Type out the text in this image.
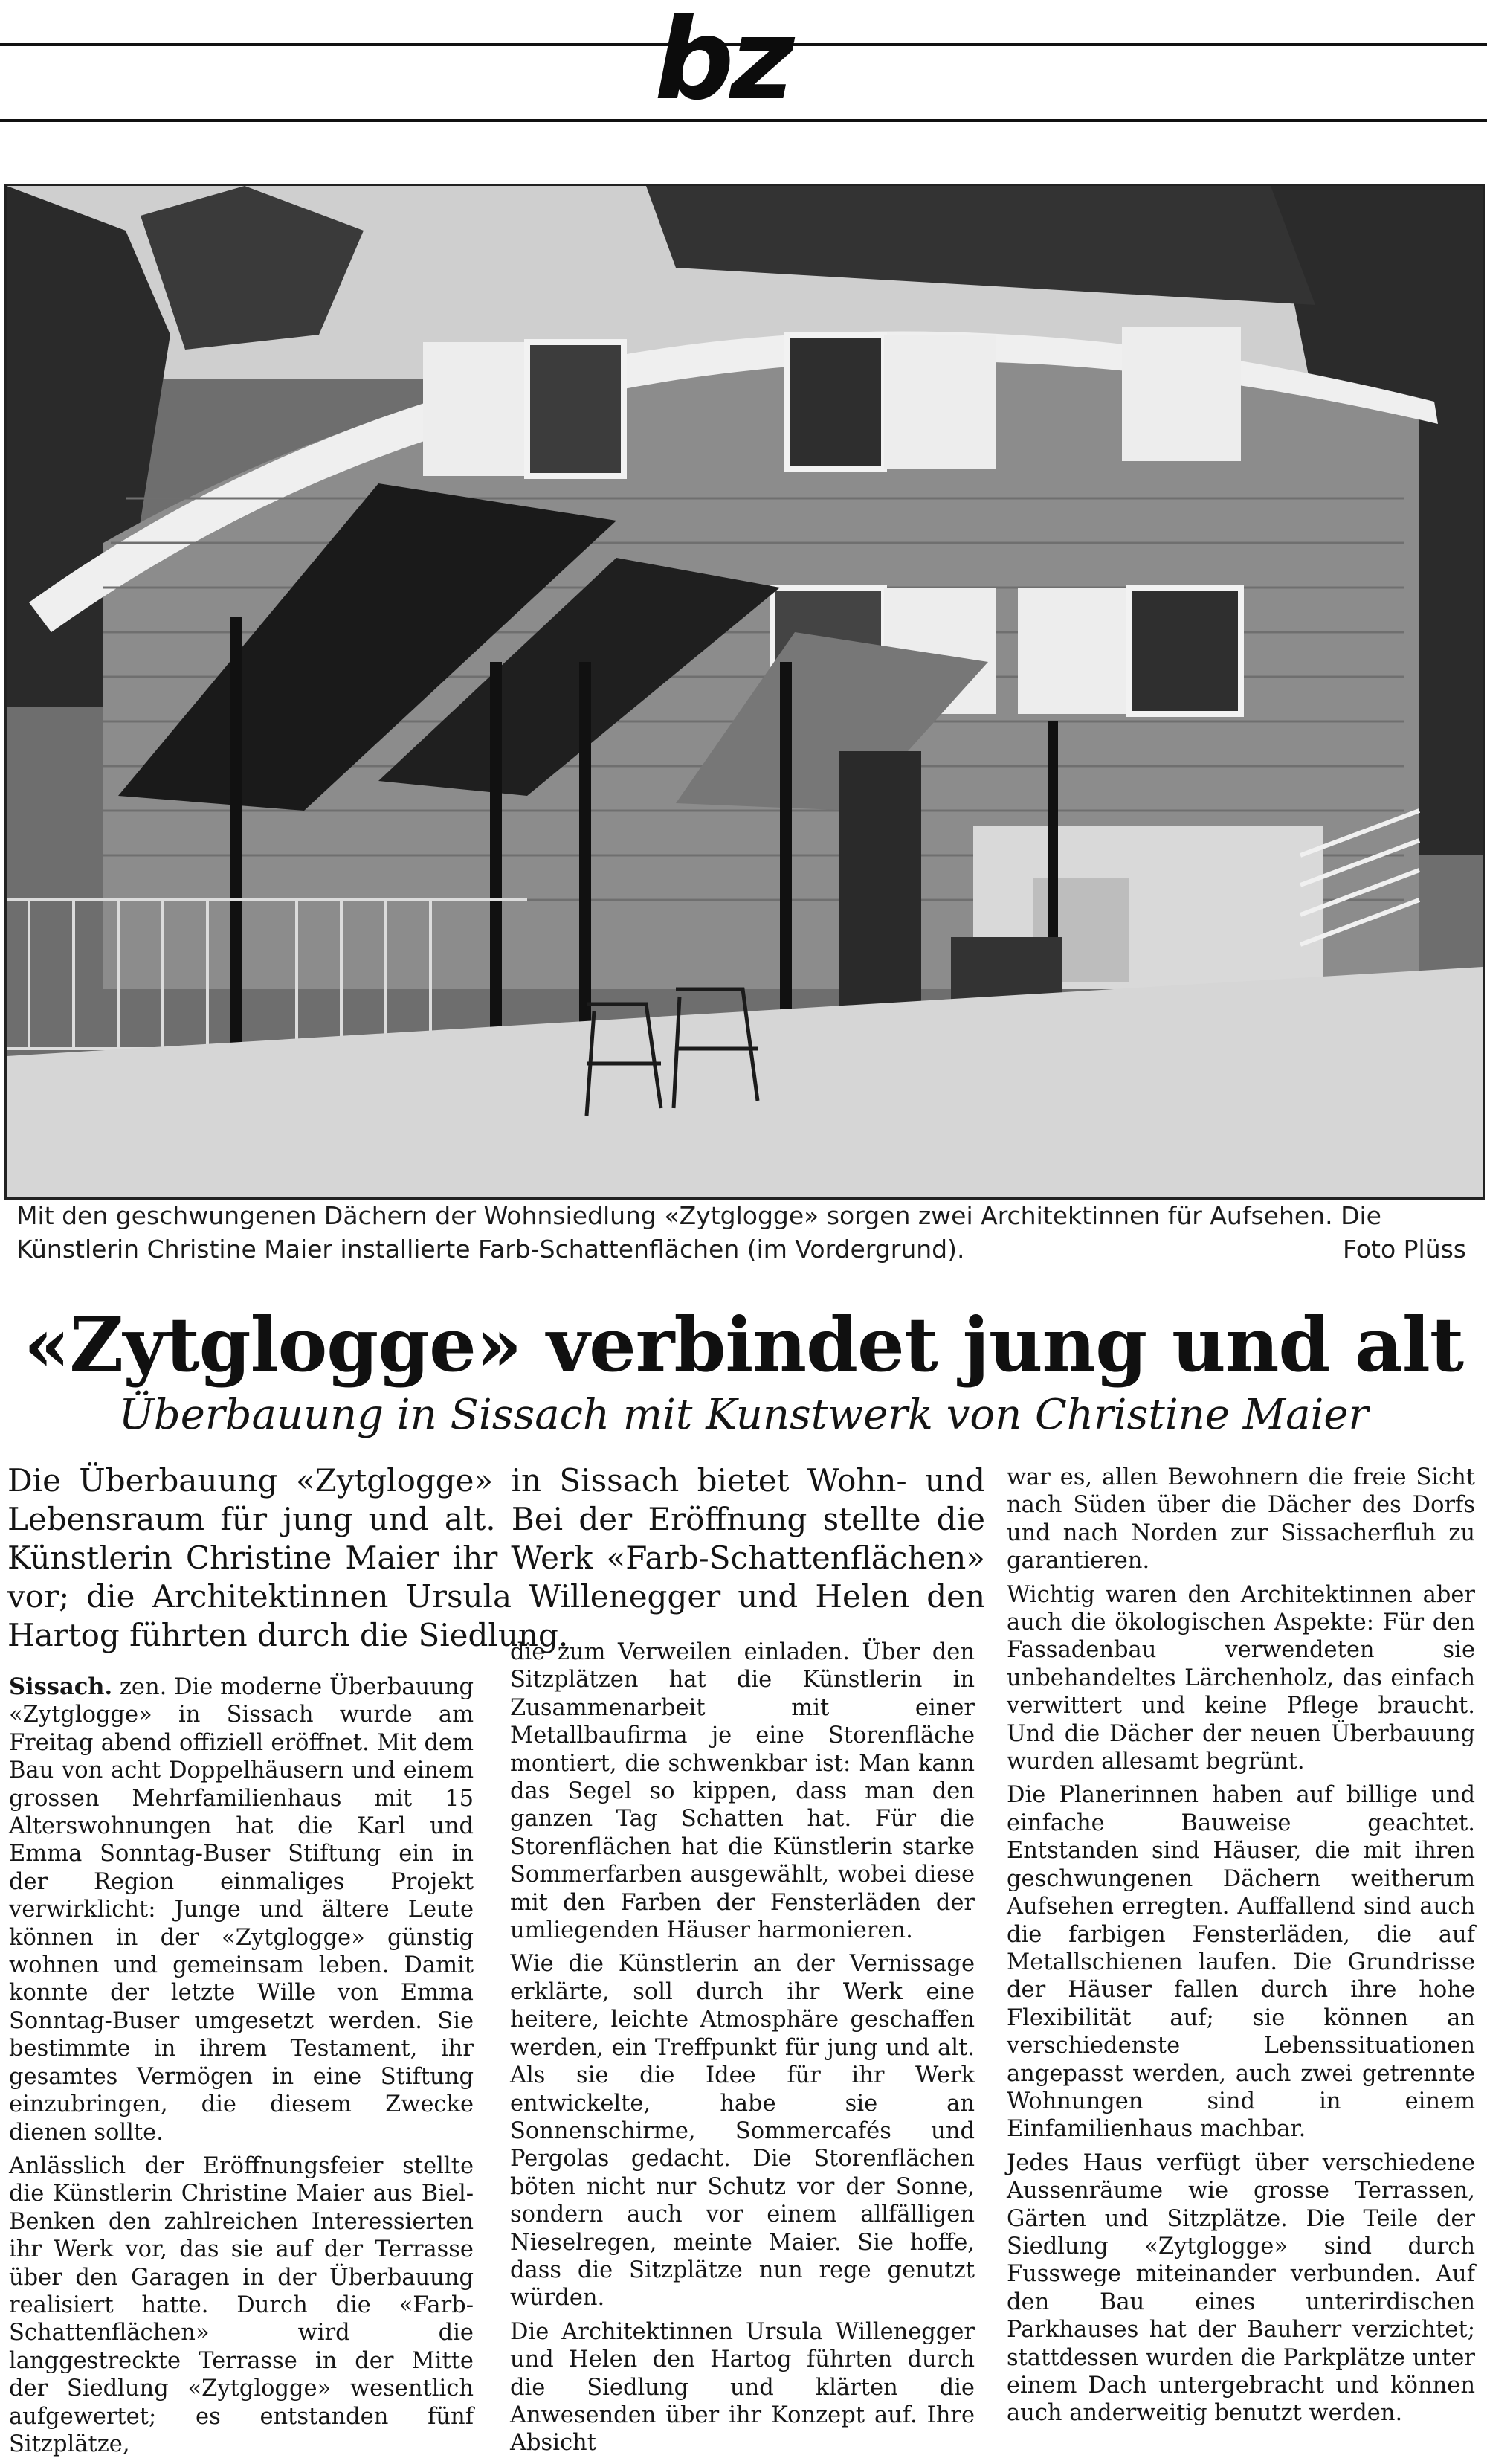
bz
Mit den geschwungenen Dächern der Wohnsiedlung «Zytglogge» sorgen zwei Architektinnen für Aufsehen. Die Künstlerin Christine Maier installierte Farb-Schattenflächen (im Vordergrund).	Foto Plüss
«Zytglogge» verbindet jung und alt
Überbauung in Sissach mit Kunstwerk von Christine Maier
Die Überbauung «Zytglogge» in Sissach bietet Wohn- und Lebensraum für jung und alt. Bei der Eröffnung stellte die Künstlerin Christine Maier ihr Werk «Farb-Schattenflächen» vor; die Architektinnen Ursula Willenegger und Helen den Hartog führten durch die Siedlung.

Sissach. zen. Die moderne Überbauung «Zytglogge» in Sissach wurde am Freitag abend offiziell eröffnet. Mit dem Bau von acht Doppelhäusern und einem grossen Mehrfamilienhaus mit 15 Alterswohnungen hat die Karl und Emma Sonntag-Buser Stiftung ein in der Region einmaliges Projekt verwirklicht: Junge und ältere Leute können in der «Zytglogge» günstig wohnen und gemeinsam leben. Damit konnte der letzte Wille von Emma Sonntag-Buser umgesetzt werden. Sie bestimmte in ihrem Testament, ihr gesamtes Vermögen in eine Stiftung einzubringen, die diesem Zwecke dienen sollte.

Anlässlich der Eröffnungsfeier stellte die Künstlerin Christine Maier aus Biel-Benken den zahlreichen Interessierten ihr Werk vor, das sie auf der Terrasse über den Garagen in der Überbauung realisiert hatte. Durch die «Farb-Schattenflächen» wird die langgestreckte Terrasse in der Mitte der Siedlung «Zytglogge» wesentlich aufgewertet; es entstanden fünf Sitzplätze,

die zum Verweilen einladen. Über den Sitzplätzen hat die Künstlerin in Zusammenarbeit mit einer Metallbaufirma je eine Storenfläche montiert, die schwenkbar ist: Man kann das Segel so kippen, dass man den ganzen Tag Schatten hat. Für die Storenflächen hat die Künstlerin starke Sommerfarben ausgewählt, wobei diese mit den Farben der Fensterläden der umliegenden Häuser harmonieren.

Wie die Künstlerin an der Vernissage erklärte, soll durch ihr Werk eine heitere, leichte Atmosphäre geschaffen werden, ein Treffpunkt für jung und alt. Als sie die Idee für ihr Werk entwickelte, habe sie an Sonnenschirme, Sommercafés und Pergolas gedacht. Die Storenflächen böten nicht nur Schutz vor der Sonne, sondern auch vor einem allfälligen Nieselregen, meinte Maier. Sie hoffe, dass die Sitzplätze nun rege genutzt würden.

Die Architektinnen Ursula Willenegger und Helen den Hartog führten durch die Siedlung und klärten die Anwesenden über ihr Konzept auf. Ihre Absicht

war es, allen Bewohnern die freie Sicht nach Süden über die Dächer des Dorfs und nach Norden zur Sissacherfluh zu garantieren.

Wichtig waren den Architektinnen aber auch die ökologischen Aspekte: Für den Fassadenbau verwendeten sie unbehandeltes Lärchenholz, das einfach verwittert und keine Pflege braucht. Und die Dächer der neuen Überbauung wurden allesamt begrünt.

Die Planerinnen haben auf billige und einfache Bauweise geachtet. Entstanden sind Häuser, die mit ihren geschwungenen Dächern weitherum Aufsehen erregten. Auffallend sind auch die farbigen Fensterläden, die auf Metallschienen laufen. Die Grundrisse der Häuser fallen durch ihre hohe Flexibilität auf; sie können an verschiedenste Lebenssituationen angepasst werden, auch zwei getrennte Wohnungen sind in einem Einfamilienhaus machbar.

Jedes Haus verfügt über verschiedene Aussenräume wie grosse Terrassen, Gärten und Sitzplätze. Die Teile der Siedlung «Zytglogge» sind durch Fusswege miteinander verbunden. Auf den Bau eines unterirdischen Parkhauses hat der Bauherr verzichtet; stattdessen wurden die Parkplätze unter einem Dach untergebracht und können auch anderweitig benutzt werden.
